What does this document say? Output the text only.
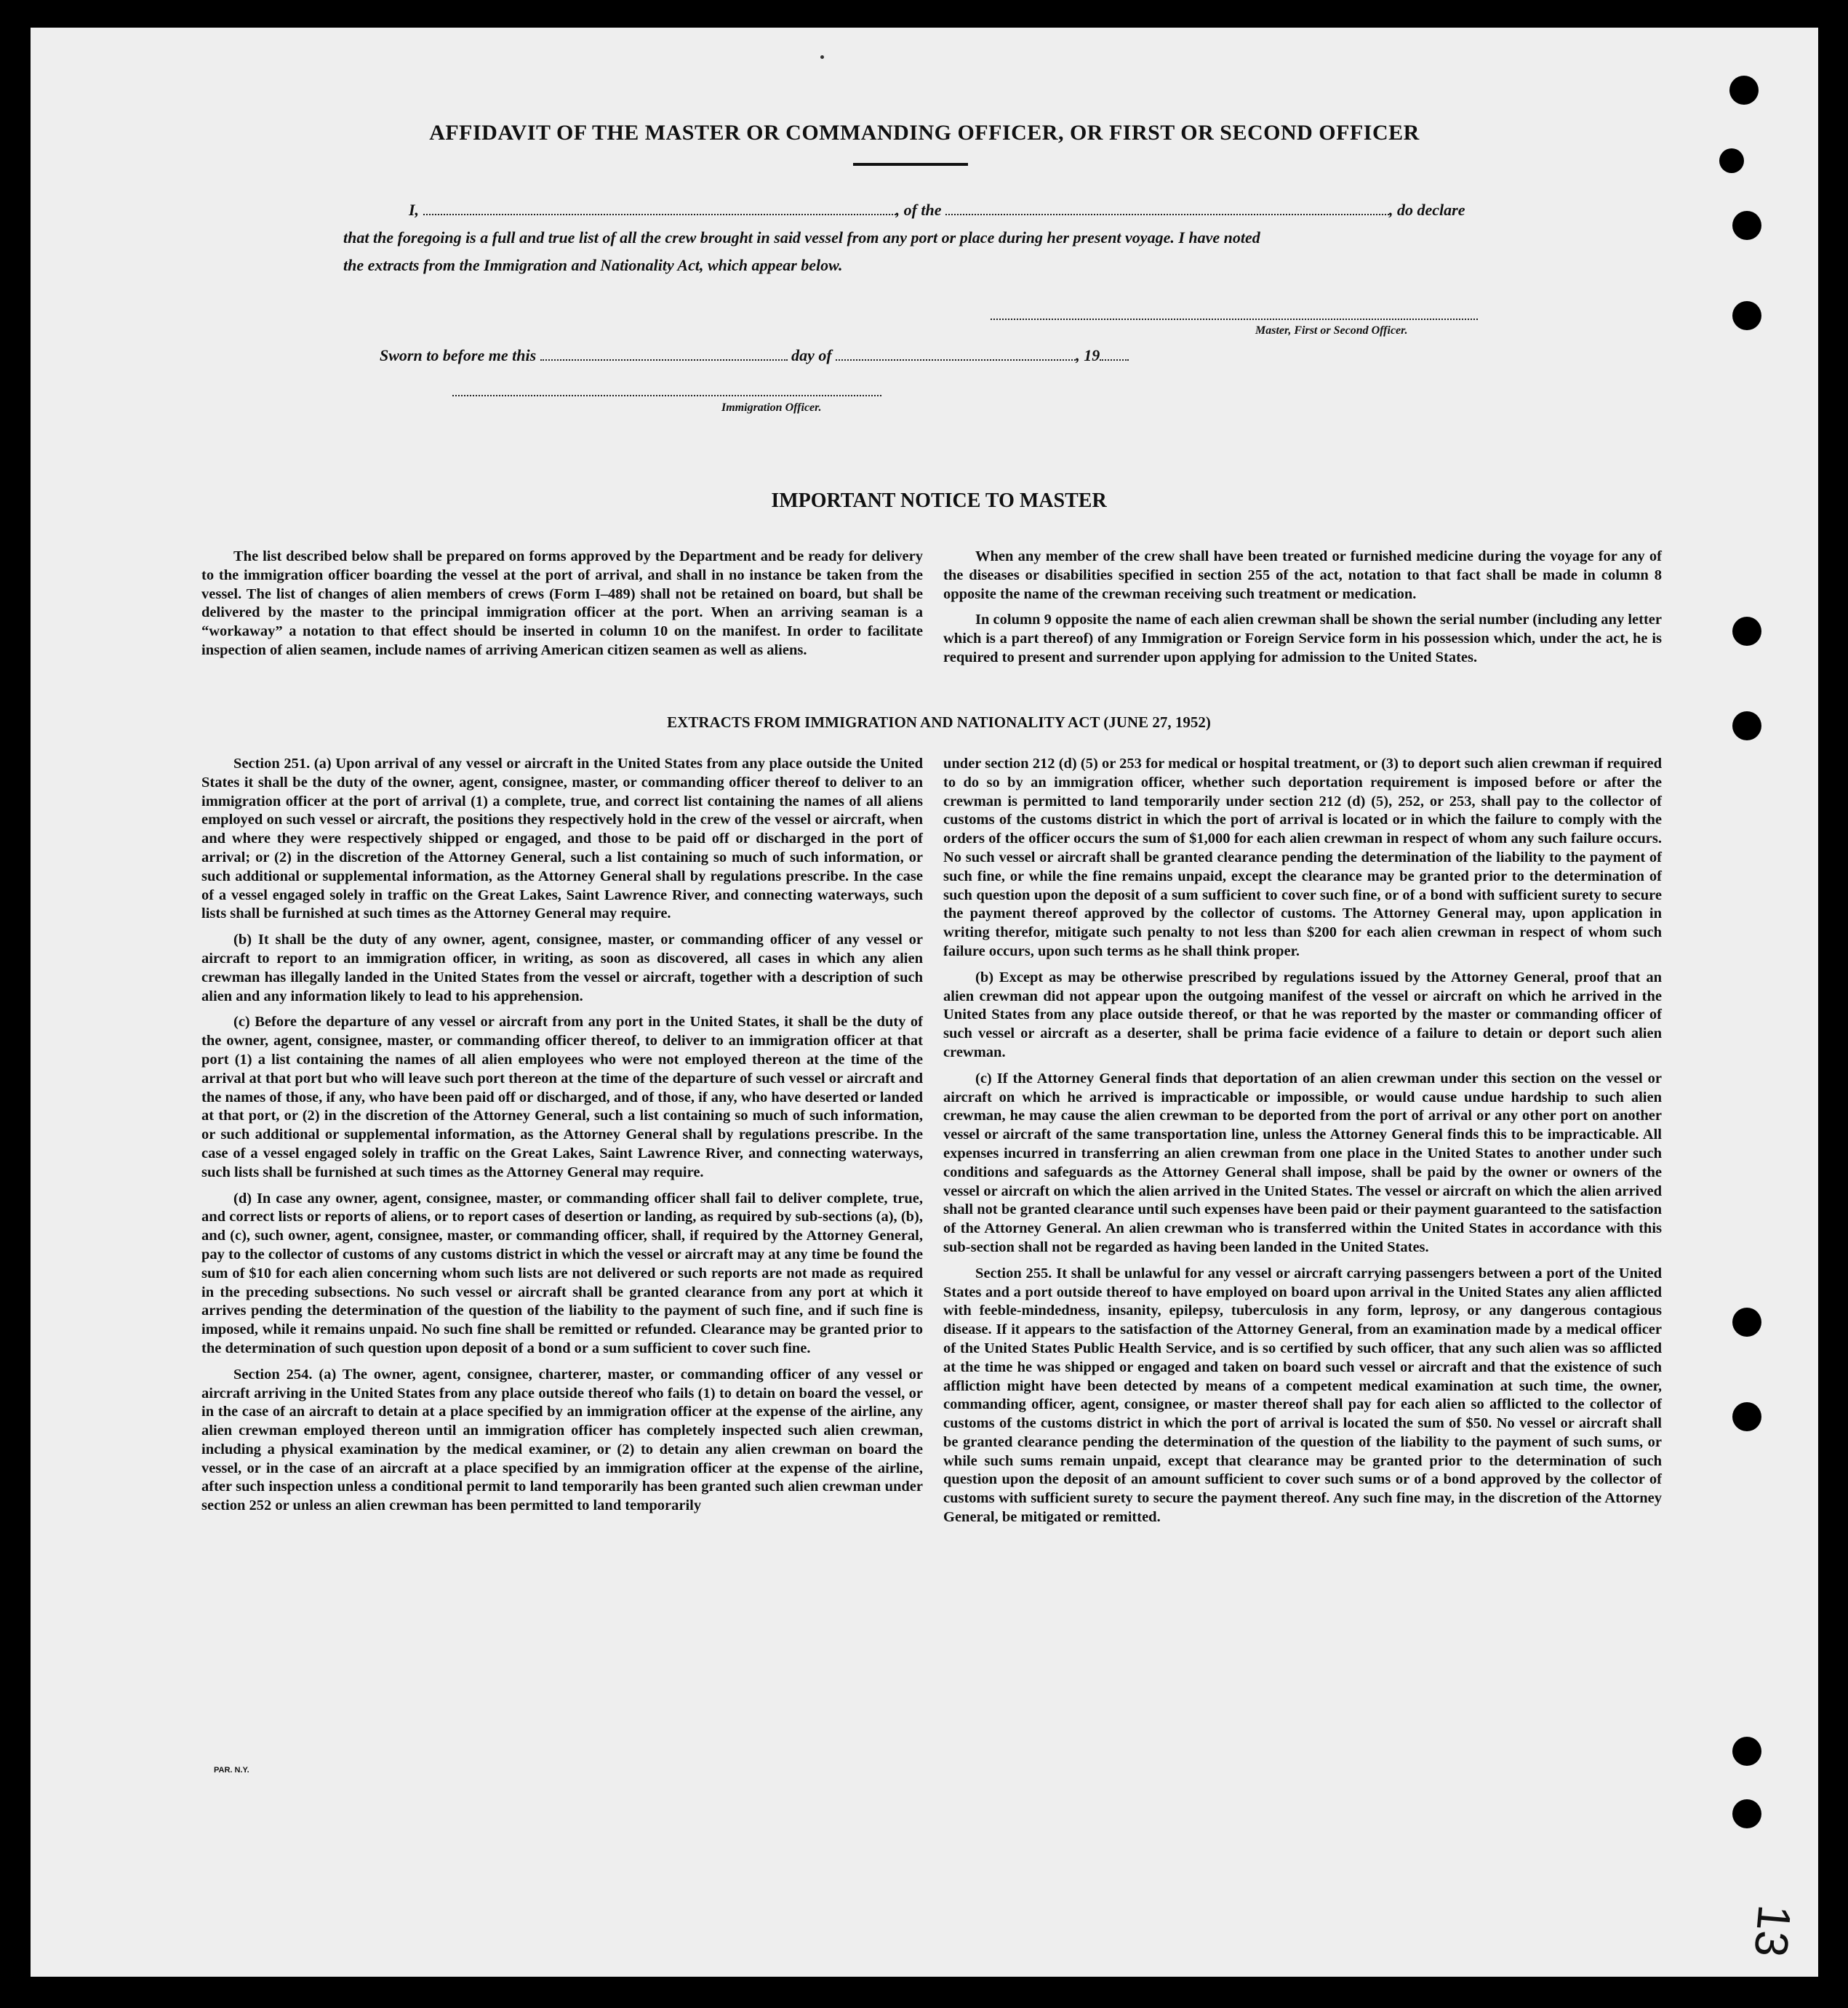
AFFIDAVIT OF THE MASTER OR COMMANDING OFFICER, OR FIRST OR SECOND OFFICER
I,	, of the	, do declare
that the foregoing is a full and true list of all the crew brought in said vessel from any port or place during her present voyage. I have noted
the extracts from the Immigration and Nationality Act, which appear below.
Master, First or Second Officer.
Sworn to before me this	day of	, 19
Immigration Officer.
IMPORTANT NOTICE TO MASTER

The list described below shall be prepared on forms approved by the Department and be ready for delivery to the immigration officer boarding the vessel at the port of arrival, and shall in no instance be taken from the vessel. The list of changes of alien members of crews (Form I–489) shall not be retained on board, but shall be delivered by the master to the principal immigration officer at the port. When an arriving seaman is a “workaway” a notation to that effect should be inserted in column 10 on the manifest. In order to facilitate inspection of alien seamen, include names of arriving American citizen seamen as well as aliens.

When any member of the crew shall have been treated or furnished medicine during the voyage for any of the diseases or disabilities specified in section 255 of the act, notation to that fact shall be made in column 8 opposite the name of the crewman receiving such treatment or medication.

In column 9 opposite the name of each alien crewman shall be shown the serial number (including any letter which is a part thereof) of any Immigration or Foreign Service form in his possession which, under the act, he is required to present and surrender upon applying for admission to the United States.

EXTRACTS FROM IMMIGRATION AND NATIONALITY ACT (JUNE 27, 1952)

Section 251. (a) Upon arrival of any vessel or aircraft in the United States from any place outside the United States it shall be the duty of the owner, agent, consignee, master, or commanding officer thereof to deliver to an immigration officer at the port of arrival (1) a complete, true, and correct list containing the names of all aliens employed on such vessel or aircraft, the positions they respectively hold in the crew of the vessel or aircraft, when and where they were respectively shipped or engaged, and those to be paid off or discharged in the port of arrival; or (2) in the discretion of the Attorney General, such a list containing so much of such information, or such additional or supplemental information, as the Attorney General shall by regulations prescribe. In the case of a vessel engaged solely in traffic on the Great Lakes, Saint Lawrence River, and connecting waterways, such lists shall be furnished at such times as the Attorney General may require.

(b) It shall be the duty of any owner, agent, consignee, master, or commanding officer of any vessel or aircraft to report to an immigration officer, in writing, as soon as discovered, all cases in which any alien crewman has illegally landed in the United States from the vessel or aircraft, together with a description of such alien and any information likely to lead to his apprehension.

(c) Before the departure of any vessel or aircraft from any port in the United States, it shall be the duty of the owner, agent, consignee, master, or commanding officer thereof, to deliver to an immigration officer at that port (1) a list containing the names of all alien employees who were not employed thereon at the time of the arrival at that port but who will leave such port thereon at the time of the departure of such vessel or aircraft and the names of those, if any, who have been paid off or discharged, and of those, if any, who have deserted or landed at that port, or (2) in the discretion of the Attorney General, such a list containing so much of such information, or such additional or supplemental information, as the Attorney General shall by regulations prescribe. In the case of a vessel engaged solely in traffic on the Great Lakes, Saint Lawrence River, and connecting waterways, such lists shall be furnished at such times as the Attorney General may require.

(d) In case any owner, agent, consignee, master, or commanding officer shall fail to deliver complete, true, and correct lists or reports of aliens, or to report cases of desertion or landing, as required by sub-sections (a), (b), and (c), such owner, agent, consignee, master, or commanding officer, shall, if required by the Attorney General, pay to the collector of customs of any customs district in which the vessel or aircraft may at any time be found the sum of $10 for each alien concerning whom such lists are not delivered or such reports are not made as required in the preceding subsections. No such vessel or aircraft shall be granted clearance from any port at which it arrives pending the determination of the question of the liability to the payment of such fine, and if such fine is imposed, while it remains unpaid. No such fine shall be remitted or refunded. Clearance may be granted prior to the determination of such question upon deposit of a bond or a sum sufficient to cover such fine.

Section 254. (a) The owner, agent, consignee, charterer, master, or commanding officer of any vessel or aircraft arriving in the United States from any place outside thereof who fails (1) to detain on board the vessel, or in the case of an aircraft to detain at a place specified by an immigration officer at the expense of the airline, any alien crewman employed thereon until an immigration officer has completely inspected such alien crewman, including a physical examination by the medical examiner, or (2) to detain any alien crewman on board the vessel, or in the case of an aircraft at a place specified by an immigration officer at the expense of the airline, after such inspection unless a conditional permit to land temporarily has been granted such alien crewman under section 252 or unless an alien crewman has been permitted to land temporarily

under section 212 (d) (5) or 253 for medical or hospital treatment, or (3) to deport such alien crewman if required to do so by an immigration officer, whether such deportation requirement is imposed before or after the crewman is permitted to land temporarily under section 212 (d) (5), 252, or 253, shall pay to the collector of customs of the customs district in which the port of arrival is located or in which the failure to comply with the orders of the officer occurs the sum of $1,000 for each alien crewman in respect of whom any such failure occurs. No such vessel or aircraft shall be granted clearance pending the determination of the liability to the payment of such fine, or while the fine remains unpaid, except the clearance may be granted prior to the determination of such question upon the deposit of a sum sufficient to cover such fine, or of a bond with sufficient surety to secure the payment thereof approved by the collector of customs. The Attorney General may, upon application in writing therefor, mitigate such penalty to not less than $200 for each alien crewman in respect of whom such failure occurs, upon such terms as he shall think proper.

(b) Except as may be otherwise prescribed by regulations issued by the Attorney General, proof that an alien crewman did not appear upon the outgoing manifest of the vessel or aircraft on which he arrived in the United States from any place outside thereof, or that he was reported by the master or commanding officer of such vessel or aircraft as a deserter, shall be prima facie evidence of a failure to detain or deport such alien crewman.

(c) If the Attorney General finds that deportation of an alien crewman under this section on the vessel or aircraft on which he arrived is impracticable or impossible, or would cause undue hardship to such alien crewman, he may cause the alien crewman to be deported from the port of arrival or any other port on another vessel or aircraft of the same transportation line, unless the Attorney General finds this to be impracticable. All expenses incurred in transferring an alien crewman from one place in the United States to another under such conditions and safeguards as the Attorney General shall impose, shall be paid by the owner or owners of the vessel or aircraft on which the alien arrived in the United States. The vessel or aircraft on which the alien arrived shall not be granted clearance until such expenses have been paid or their payment guaranteed to the satisfaction of the Attorney General. An alien crewman who is transferred within the United States in accordance with this sub-section shall not be regarded as having been landed in the United States.

Section 255. It shall be unlawful for any vessel or aircraft carrying passengers between a port of the United States and a port outside thereof to have employed on board upon arrival in the United States any alien afflicted with feeble-mindedness, insanity, epilepsy, tuberculosis in any form, leprosy, or any dangerous contagious disease. If it appears to the satisfaction of the Attorney General, from an examination made by a medical officer of the United States Public Health Service, and is so certified by such officer, that any such alien was so afflicted at the time he was shipped or engaged and taken on board such vessel or aircraft and that the existence of such affliction might have been detected by means of a competent medical examination at such time, the owner, commanding officer, agent, consignee, or master thereof shall pay for each alien so afflicted to the collector of customs of the customs district in which the port of arrival is located the sum of $50. No vessel or aircraft shall be granted clearance pending the determination of the question of the liability to the payment of such sums, or while such sums remain unpaid, except that clearance may be granted prior to the determination of such question upon the deposit of an amount sufficient to cover such sums or of a bond approved by the collector of customs with sufficient surety to secure the payment thereof. Any such fine may, in the discretion of the Attorney General, be mitigated or remitted.

PAR. N.Y.
13
